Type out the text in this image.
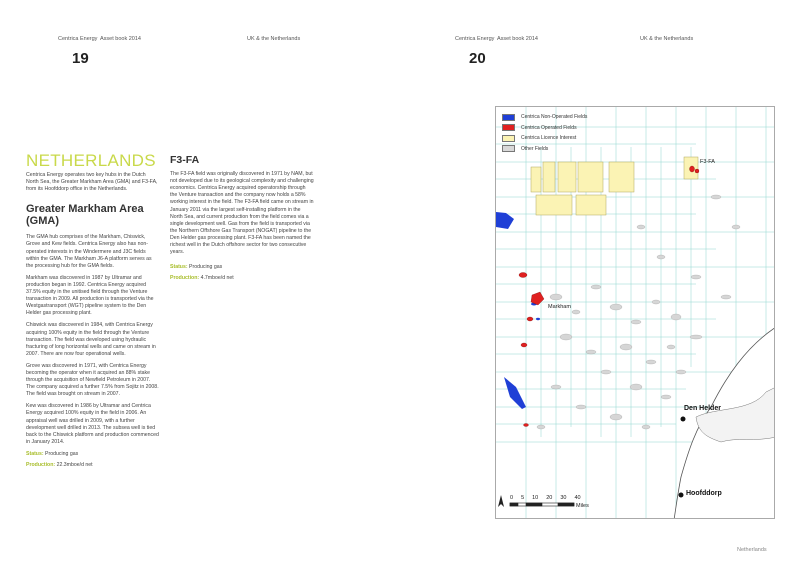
Centrica Energy Asset book 2014	UK & the Netherlands
19
Centrica Energy Asset book 2014	UK & the Netherlands
20
NETHERLANDS

Centrica Energy operates two key hubs in the Dutch North Sea, the Greater Markham Area (GMA) and F3-FA, from its Hoofddorp office in the Netherlands.

Greater Markham Area (GMA)

The GMA hub comprises of the Markham, Chiswick, Grove and Kew fields. Centrica Energy also has non-operated interests in the Windermere and J3C fields within the GMA. The Markham J6-A platform serves as the processing hub for the GMA fields.

Markham was discovered in 1987 by Ultramar and production began in 1992. Centrica Energy acquired 37.5% equity in the unitised field through the Venture transaction in 2009. All production is transported via the Westgastransport (WGT) pipeline system to the Den Helder gas processing plant.

Chiswick was discovered in 1984, with Centrica Energy acquiring 100% equity in the field through the Venture transaction. The field was developed using hydraulic fracturing of long horizontal wells and came on stream in 2007. There are now four operational wells.

Grove was discovered in 1971, with Centrica Energy becoming the operator when it acquired an 88% stake through the acquisition of Newfield Petroleum in 2007. The company acquired a further 7.5% from Sojitz in 2008. The field was brought on stream in 2007.

Kew was discovered in 1986 by Ultramar and Centrica Energy acquired 100% equity in the field in 2006. An appraisal well was drilled in 2009, with a further development well drilled in 2013. The subsea well is tied back to the Chiswick platform and production commenced in January 2014.

Status: Producing gas
Production: 22.3mboe/d net
F3-FA

The F3-FA field was originally discovered in 1971 by NAM, but not developed due to its geological complexity and challenging economics. Centrica Energy acquired operatorship through the Venture transaction and the company now holds a 58% working interest in the field. The F3-FA field came on stream in January 2011 via the largest self-installing platform in the North Sea, and current production from the field comes via a single development well. Gas from the field is transported via the Northern Offshore Gas Transport (NOGAT) pipeline to the Den Helder gas processing plant. F3-FA has been named the richest well in the Dutch offshore sector for two consecutive years.

Status: Producing gas
Production: 4.7mboe/d net
Centrica Non-Operated Fields
Centrica Operated Fields
Centrica Licence Interest
Other Fields
F3-FA
Markham
Den Helder
Hoofddorp
0 5 10 20 30 40
Miles
Netherlands
